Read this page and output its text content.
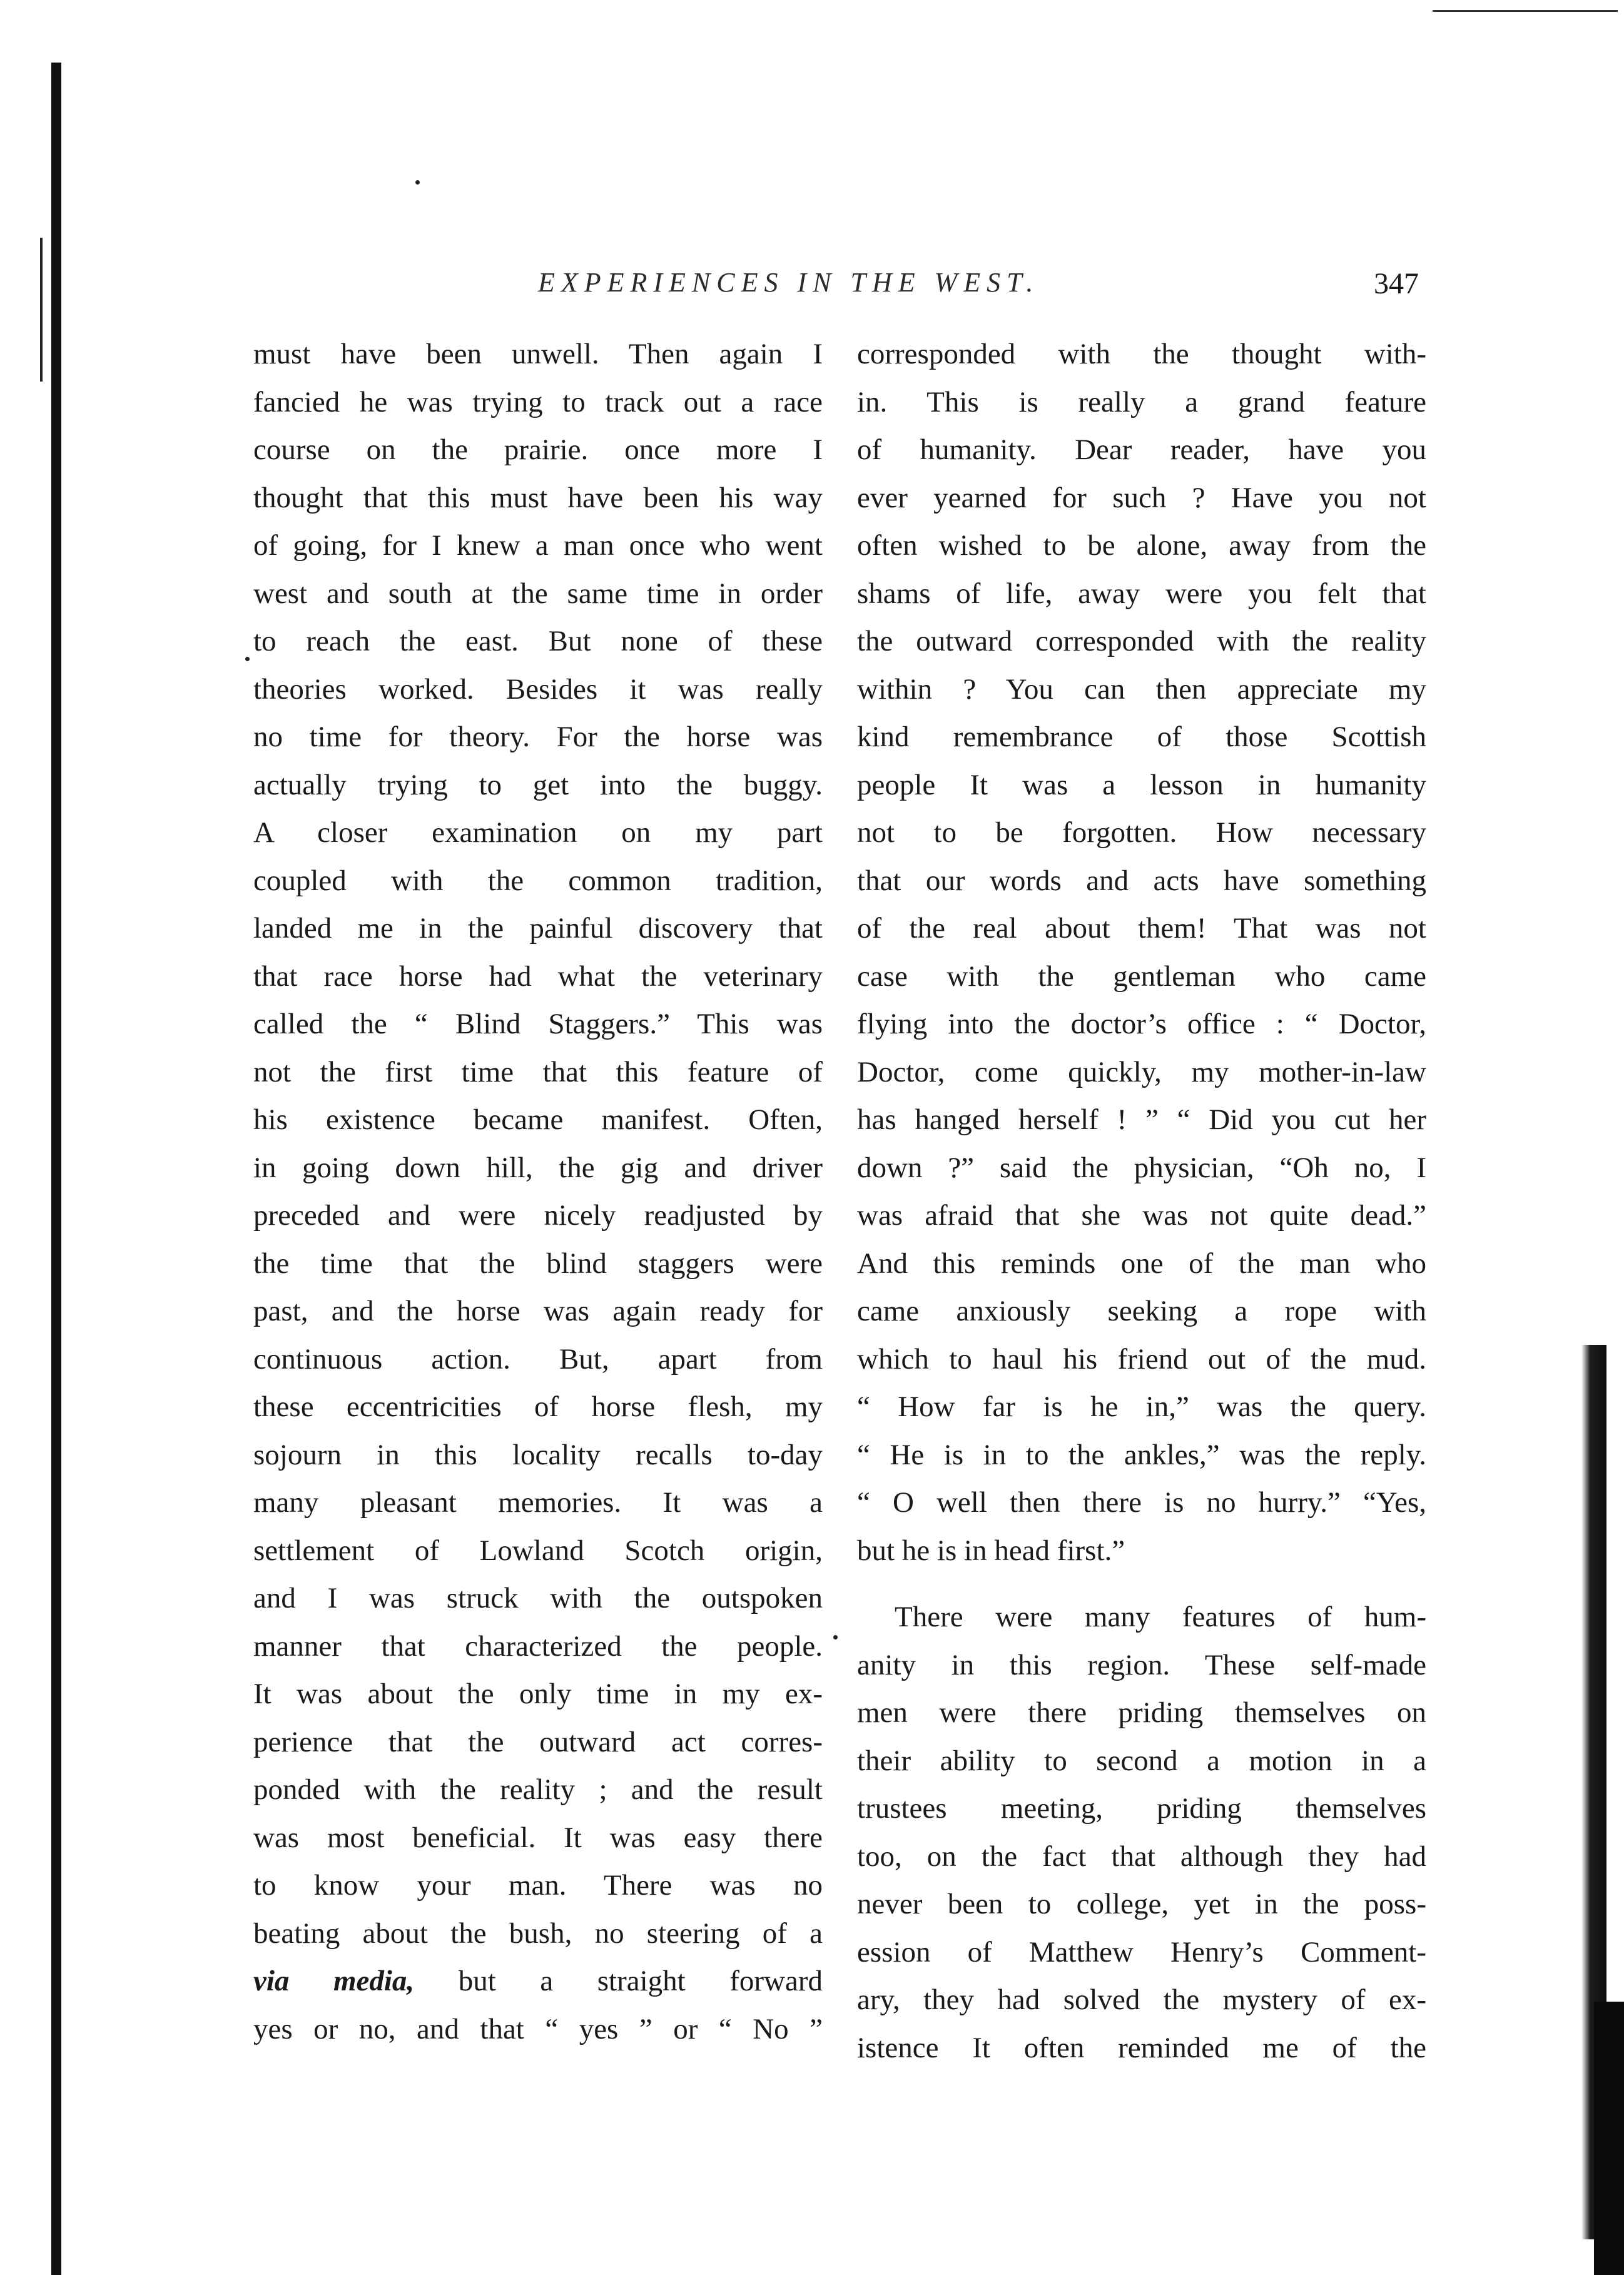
EXPERIENCES IN THE WEST.	347
must have been unwell. Then again I
fancied he was trying to track out a race
course on the prairie. once more I
thought that this must have been his way
of going, for I knew a man once who went
west and south at the same time in order
to reach the east. But none of these
theories worked. Besides it was really
no time for theory. For the horse was
actually trying to get into the buggy.
A closer examination on my part
coupled with the common tradition,
landed me in the painful discovery that
that race horse had what the veterinary
called the “ Blind Staggers.” This was
not the first time that this feature of
his existence became manifest. Often,
in going down hill, the gig and driver
preceded and were nicely readjusted by
the time that the blind staggers were
past, and the horse was again ready for
continuous action. But, apart from
these eccentricities of horse flesh, my
sojourn in this locality recalls to-day
many pleasant memories. It was a
settlement of Lowland Scotch origin,
and I was struck with the outspoken
manner that characterized the people.
It was about the only time in my ex-
perience that the outward act corres-
ponded with the reality ; and the result
was most beneficial. It was easy there
to know your man. There was no
beating about the bush, no steering of a
via media, but a straight forward
yes or no, and that “ yes ” or “ No ”
corresponded with the thought with-
in. This is really a grand feature
of humanity. Dear reader, have you
ever yearned for such ? Have you not
often wished to be alone, away from the
shams of life, away were you felt that
the outward corresponded with the reality
within ? You can then appreciate my
kind remembrance of those Scottish
people It was a lesson in humanity
not to be forgotten. How necessary
that our words and acts have something
of the real about them! That was not
case with the gentleman who came
flying into the doctor’s office : “ Doctor,
Doctor, come quickly, my mother-in-law
has hanged herself ! ” “ Did you cut her
down ?” said the physician, “Oh no, I
was afraid that she was not quite dead.”
And this reminds one of the man who
came anxiously seeking a rope with
which to haul his friend out of the mud.
“ How far is he in,” was the query.
“ He is in to the ankles,” was the reply.
“ O well then there is no hurry.” “Yes,
but he is in head first.”
There were many features of hum-
anity in this region. These self-made
men were there priding themselves on
their ability to second a motion in a
trustees meeting, priding themselves
too, on the fact that although they had
never been to college, yet in the poss-
ession of Matthew Henry’s Comment-
ary, they had solved the mystery of ex-
istence It often reminded me of the
